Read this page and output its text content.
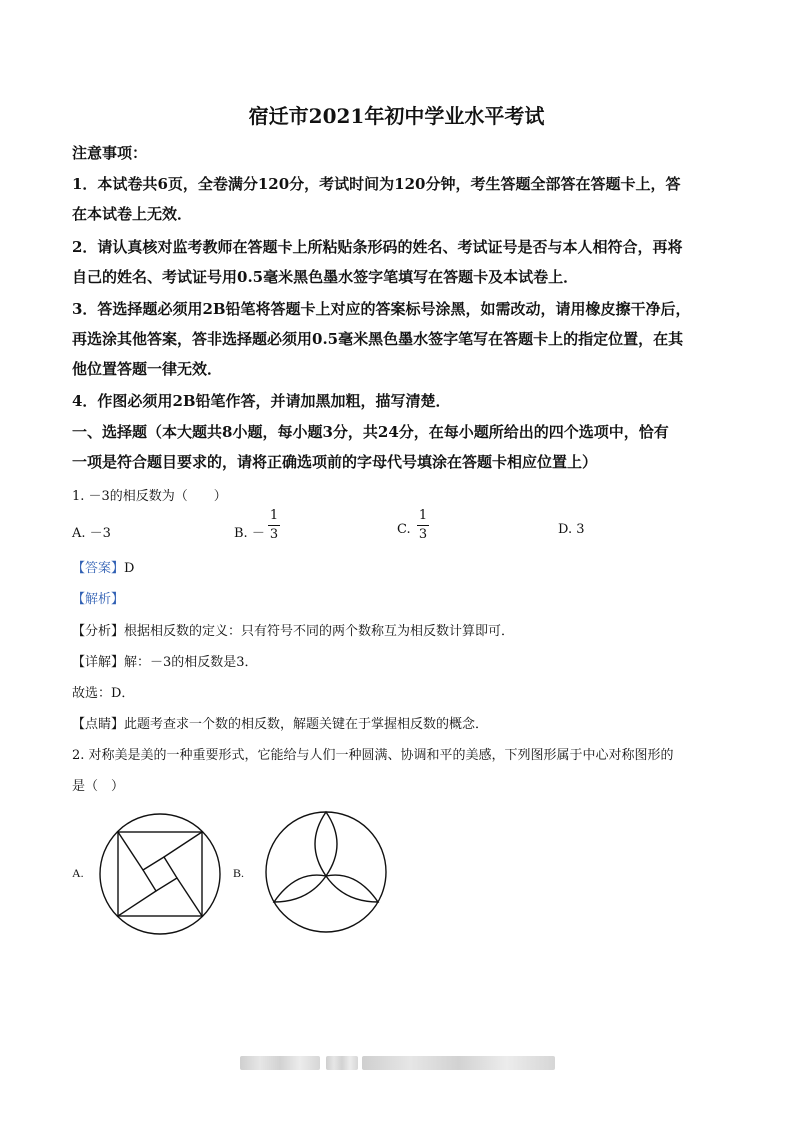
宿迁市2021年初中学业水平考试
注意事项：
1．本试卷共6页，全卷满分120分，考试时间为120分钟，考生答题全部答在答题卡上，答
在本试卷上无效．
2．请认真核对监考教师在答题卡上所粘贴条形码的姓名、考试证号是否与本人相符合，再将
自己的姓名、考试证号用0.5毫米黑色墨水签字笔填写在答题卡及本试卷上．
3．答选择题必须用2B铅笔将答题卡上对应的答案标号涂黑，如需改动，请用橡皮擦干净后，
再选涂其他答案，答非选择题必须用0.5毫米黑色墨水签字笔写在答题卡上的指定位置，在其
他位置答题一律无效．
4．作图必须用2B铅笔作答，并请加黑加粗，描写清楚．
一、选择题（本大题共8小题，每小题3分，共24分，在每小题所给出的四个选项中，恰有
一项是符合题目要求的，请将正确选项前的字母代号填涂在答题卡相应位置上）
1. －3的相反数为（　　）
A. －3	B. －
1
3	C.
1
3	D. 3
【答案】D
【解析】
【分析】根据相反数的定义：只有符号不同的两个数称互为相反数计算即可．
【详解】解：－3的相反数是3．
故选：D．
【点睛】此题考查求一个数的相反数，解题关键在于掌握相反数的概念．
2. 对称美是美的一种重要形式，它能给与人们一种圆满、协调和平的美感，下列图形属于中心对称图形的
是（　）
A.	B.
